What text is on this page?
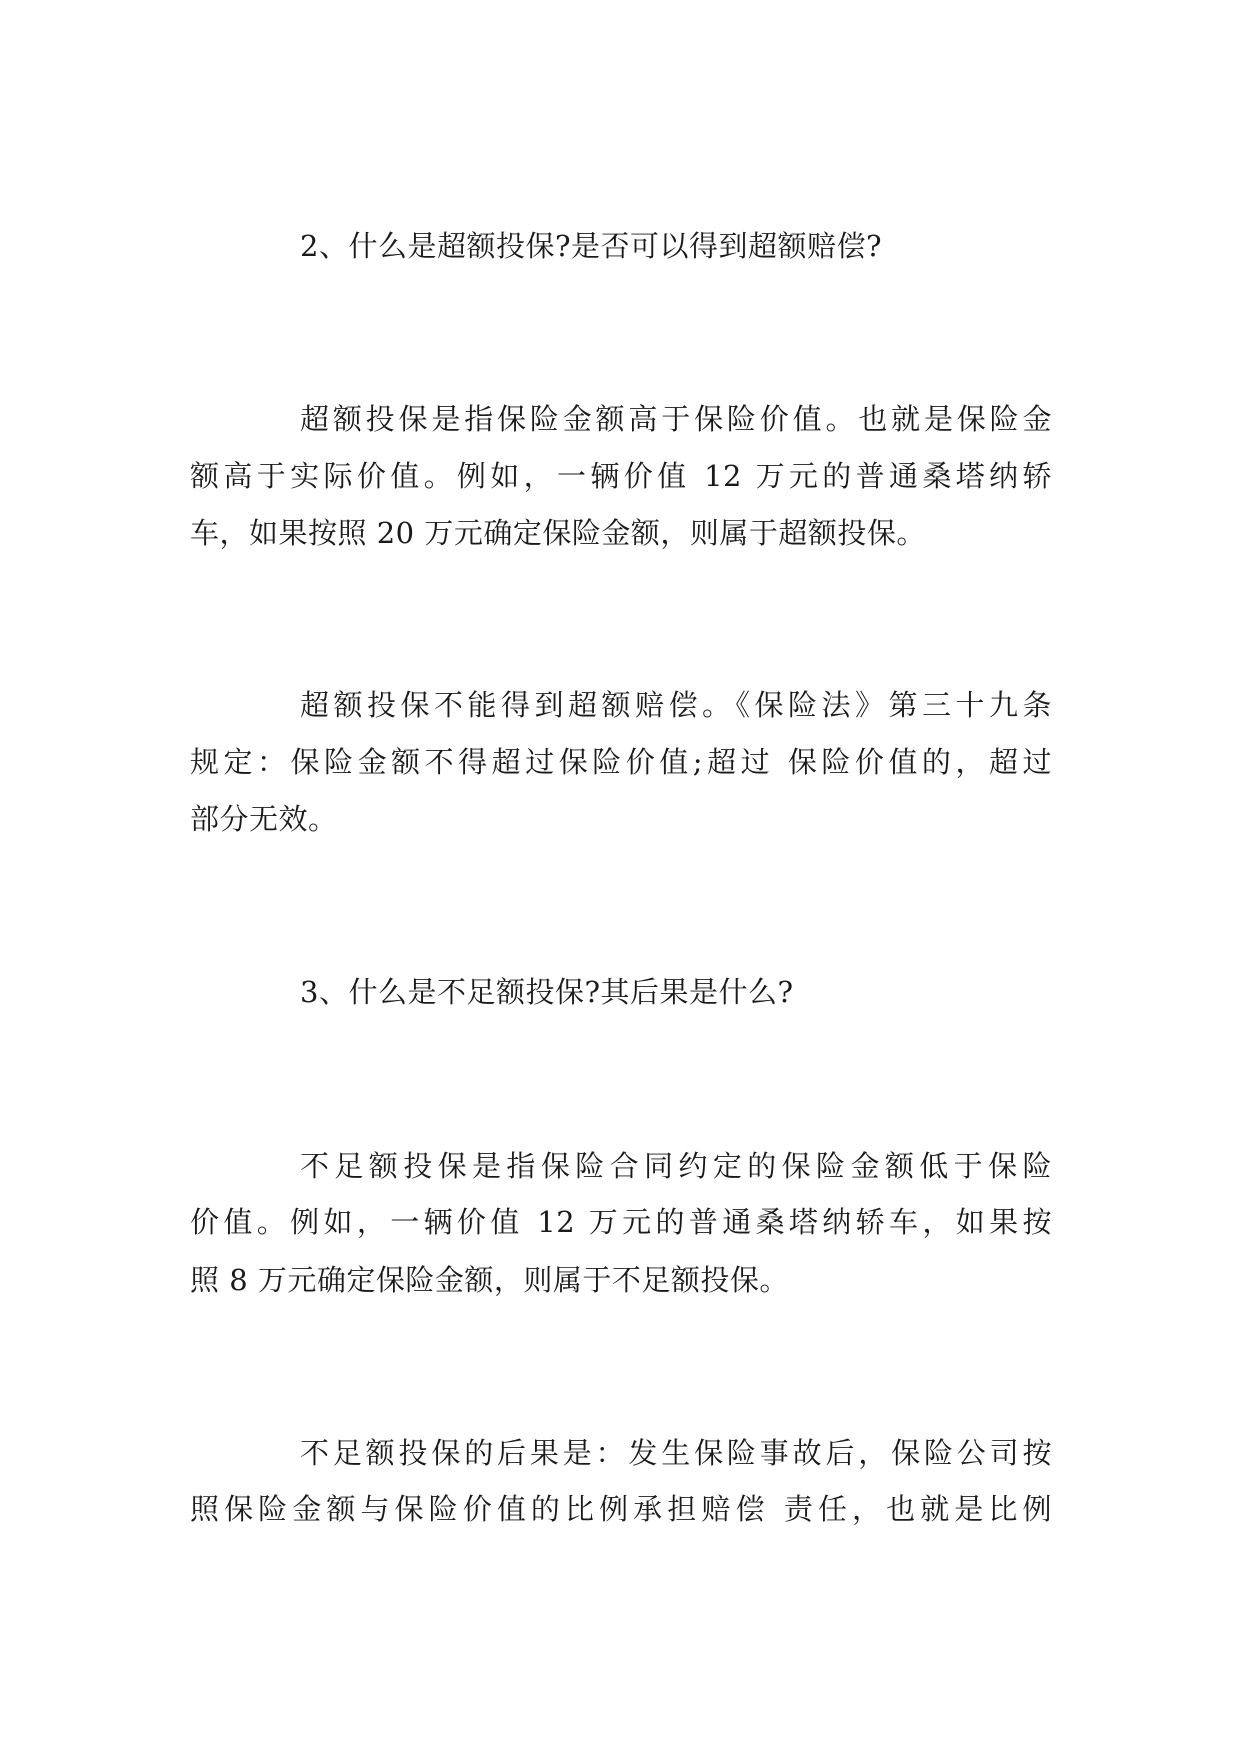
2、什么是超额投保?是否可以得到超额赔偿?
超额投保是指保险金额高于保险价值。也就是保险金
额高于实际价值。例如，一辆价值 12 万元的普通桑塔纳轿
车，如果按照 20 万元确定保险金额，则属于超额投保。
超额投保不能得到超额赔偿。《保险法》第三十九条
规定：保险金额不得超过保险价值;超过 保险价值的，超过
部分无效。
3、什么是不足额投保?其后果是什么?
不足额投保是指保险合同约定的保险金额低于保险
价值。例如，一辆价值 12 万元的普通桑塔纳轿车，如果按
照 8 万元确定保险金额，则属于不足额投保。
不足额投保的后果是：发生保险事故后，保险公司按
照保险金额与保险价值的比例承担赔偿 责任，也就是比例
